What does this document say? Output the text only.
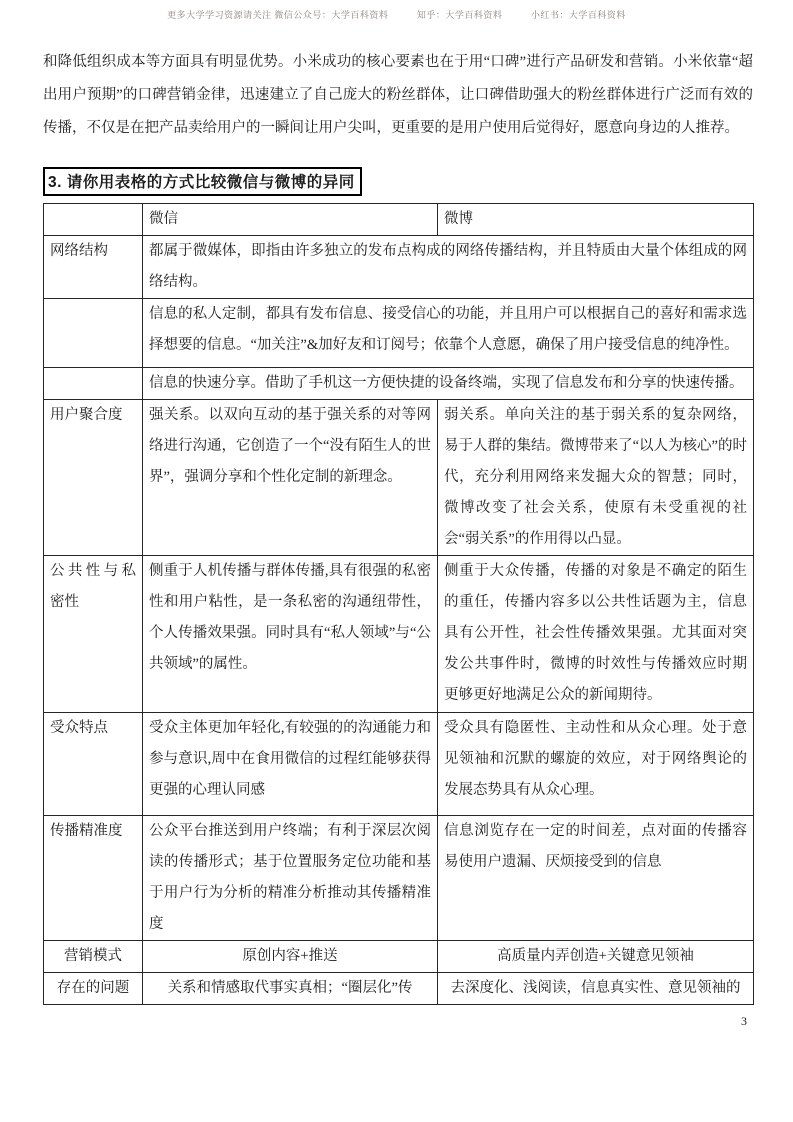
更多大学学习资源请关注 微信公众号：大学百科资料　　　知乎：大学百科资料　　　小红书：大学百科资料
和降低组织成本等方面具有明显优势。小米成功的核心要素也在于用“口碑”进行产品研发和营销。小米依靠“超出用户预期”的口碑营销金律，迅速建立了自己庞大的粉丝群体，让口碑借助强大的粉丝群体进行广泛而有效的传播，不仅是在把产品卖给用户的一瞬间让用户尖叫，更重要的是用户使用后觉得好，愿意向身边的人推荐。
3. 请你用表格的方式比较微信与微博的异同
	微信	微博
网络结构	都属于微媒体，即指由许多独立的发布点构成的网络传播结构，并且特质由大量个体组成的网络结构。	
	信息的私人定制，都具有发布信息、接受信心的功能，并且用户可以根据自己的喜好和需求选择想要的信息。“加关注”&加好友和订阅号；依靠个人意愿，确保了用户接受信息的纯净性。	
	信息的快速分享。借助了手机这一方便快捷的设备终端，实现了信息发布和分享的快速传播。	
用户聚合度	强关系。以双向互动的基于强关系的对等网络进行沟通，它创造了一个“没有陌生人的世界”，强调分享和个性化定制的新理念。	弱关系。单向关注的基于弱关系的复杂网络，易于人群的集结。微博带来了“以人为核心”的时代，充分利用网络来发掘大众的智慧；同时，微博改变了社会关系，使原有未受重视的社会“弱关系”的作用得以凸显。
公共性与私密性	侧重于人机传播与群体传播,具有很强的私密性和用户粘性，是一条私密的沟通纽带性，个人传播效果强。同时具有“私人领域”与“公共领域”的属性。	侧重于大众传播，传播的对象是不确定的陌生的重任，传播内容多以公共性话题为主，信息具有公开性，社会性传播效果强。尤其面对突发公共事件时，微博的时效性与传播效应时期更够更好地满足公众的新闻期待。
受众特点	受众主体更加年轻化,有较强的的沟通能力和参与意识,周中在食用微信的过程红能够获得更强的心理认同感	受众具有隐匿性、主动性和从众心理。处于意见领袖和沉默的螺旋的效应，对于网络舆论的发展态势具有从众心理。
传播精准度	公众平台推送到用户终端；有利于深层次阅读的传播形式；基于位置服务定位功能和基于用户行为分析的精准分析推动其传播精准度	信息浏览存在一定的时间差，点对面的传播容易使用户遗漏、厌烦接受到的信息
营销模式	原创内容+推送	高质量内弄创造+关键意见领袖
存在的问题	关系和情感取代事实真相；“圈层化”传	去深度化、浅阅读，信息真实性、意见领袖的
3
